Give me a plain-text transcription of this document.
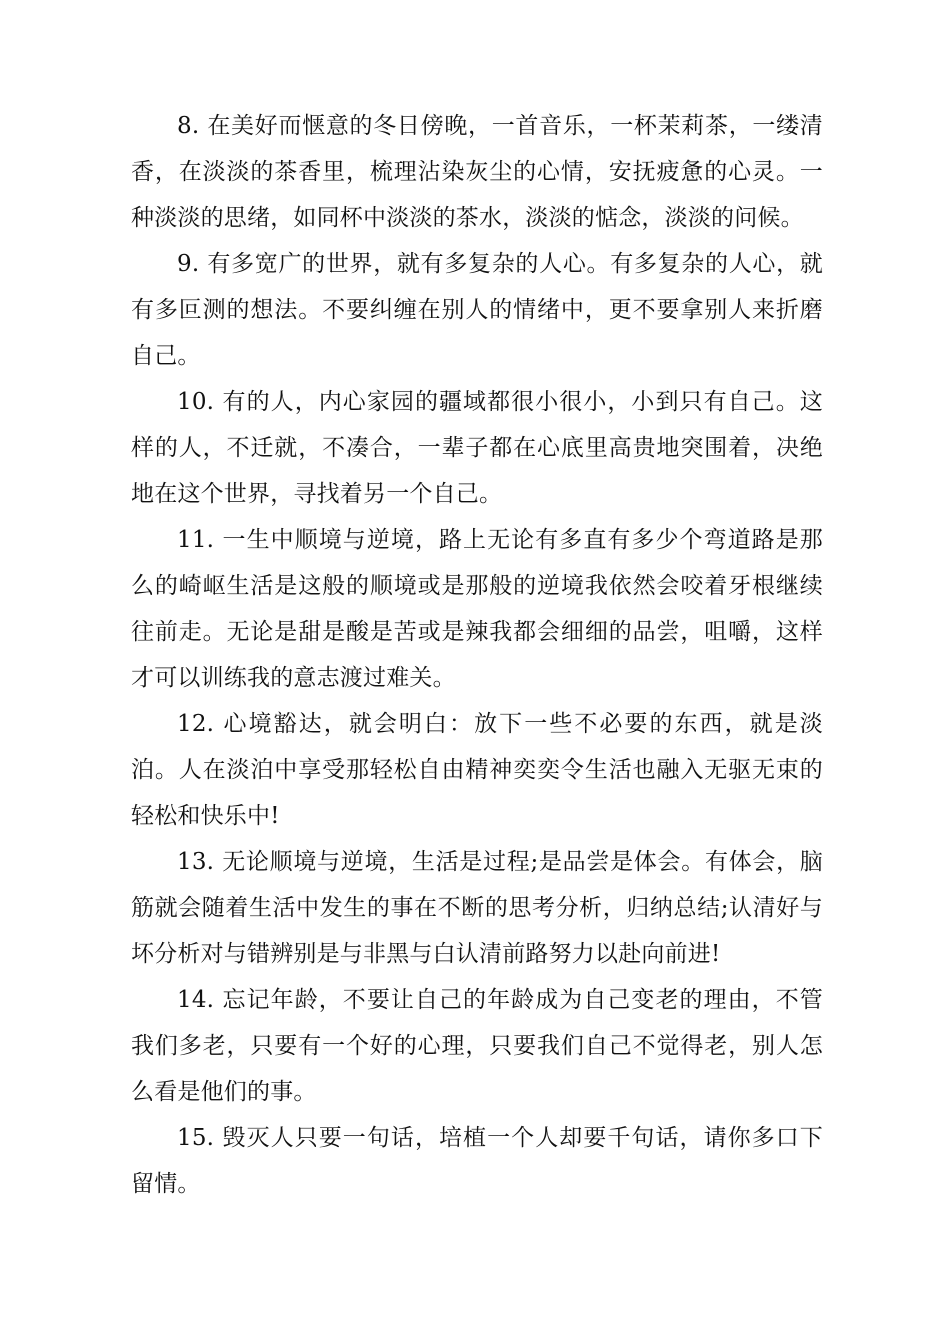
8. 在美好而惬意的冬日傍晚，一首音乐，一杯茉莉茶，一缕清香，在淡淡的茶香里，梳理沾染灰尘的心情，安抚疲惫的心灵。一种淡淡的思绪，如同杯中淡淡的茶水，淡淡的惦念，淡淡的问候。

9. 有多宽广的世界，就有多复杂的人心。有多复杂的人心，就有多叵测的想法。不要纠缠在别人的情绪中，更不要拿别人来折磨自己。

10. 有的人，内心家园的疆域都很小很小，小到只有自己。这样的人，不迁就，不凑合，一辈子都在心底里高贵地突围着，决绝地在这个世界，寻找着另一个自己。

11. 一生中顺境与逆境，路上无论有多直有多少个弯道路是那么的崎岖生活是这般的顺境或是那般的逆境我依然会咬着牙根继续往前走。无论是甜是酸是苦或是辣我都会细细的品尝，咀嚼，这样才可以训练我的意志渡过难关。

12. 心境豁达，就会明白：放下一些不必要的东西，就是淡泊。人在淡泊中享受那轻松自由精神奕奕令生活也融入无驱无束的轻松和快乐中!

13. 无论顺境与逆境，生活是过程;是品尝是体会。有体会，脑筋就会随着生活中发生的事在不断的思考分析，归纳总结;认清好与坏分析对与错辨别是与非黑与白认清前路努力以赴向前进!

14. 忘记年龄，不要让自己的年龄成为自己变老的理由，不管我们多老，只要有一个好的心理，只要我们自己不觉得老，别人怎么看是他们的事。

15. 毁灭人只要一句话，培植一个人却要千句话，请你多口下留情。
